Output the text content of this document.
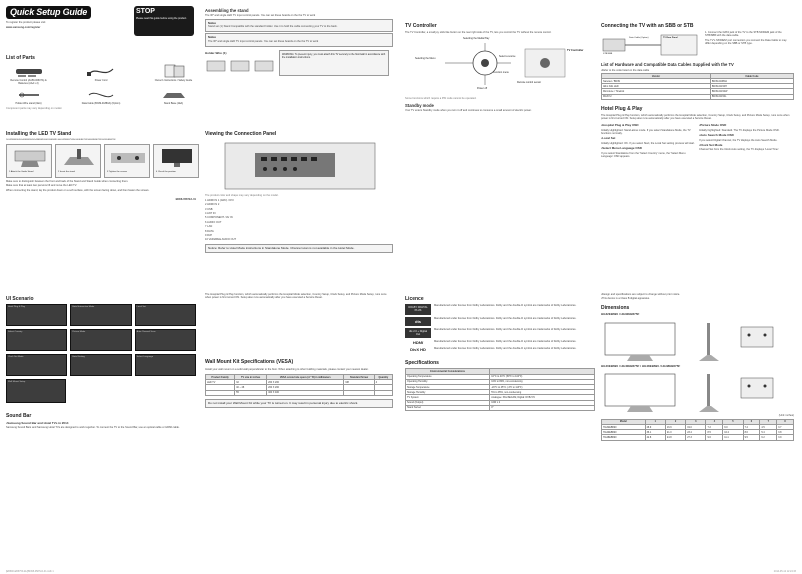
Quick Setup Guide
To register the product please visit
www.samsung.com/register
STOP
Please read this guide before using the product.
List of Parts
Remote Control (AA59-00607A) & Batteries (AAA x 2)
Power Cord	Owner's Instructions / Safety Guide
Holder-Wire stand (1EA)	Data Cable (BN39-01880A) (Option)	Stand Base (1EA)
Component parts may vary depending on model.
Installing the LED TV Stand
'HG32EB690/HG40EB690/HG48EB690/HG55EB690 &HG32EB675F/HG40EB675F/HG48EB675F/HG55EB675F
1 Attach the Guide Stand	2 Insert the stand	3 Tighten the screws	4 Check the position
Make sure to distinguish between the front and back of the Stand and Stand Guide when connecting them.
Make sure that at least two persons lift and move the LED TV.
When connecting the stand, lay the product down on a soft surface, with the screen facing down, and then fasten the screws.
BN68-05872A-01
Assembling the stand
The IR* and single LED TV input control panels. You can set these boards on the the TV to work
Notice
Stand set (1) Stand Compatible with the standard holder. Use it to hold the cable connecting your TV to the back.
Notice
The IR* and single LED TV input control panels. You can set these boards on the the TV to work
Holder-Wire (1)	WARNING: To prevent injury, you must attach this TV securely to the floor/wall in accordance with the installation instructions.
Viewing the Connection Panel
The product color and shape may vary depending on the model.
1 HDMI IN 1 (ARC) / DVI
2 HDMI IN 2
3 USB
4 ANT IN
5 COMPONENT / AV IN
6 AUDIO OUT
7 LAN
8 DATA
9 RJP
10 VARIABLE AUDIO OUT
Notice: Refer to Hotel Mode instructions in Standalone Mode. Channel scan is not available in the Hotel Mode.
TV Controller
The TV Controller, a small joy stick like button on the rear right side of the TV, lets you control the TV without the remote control.
Selecting the Media Play
Selecting the Menu
Select a source
Function menu
Power off
Remote control sensor
TV Controller
Some functions which require a PIN code cannot be operated.
Standby mode
Your TV enters Standby mode when you turn it off and continues to consume a small amount of electric power.
Connecting the TV with an SBB or STB
STB/SBB
Data Cable (Option)	TV Rear Panel
1. Connect the DATA jack of the TV to the STB MODEM jack of the STB/SBB with the data cable.
The TV's 'MODEM' port connection you connect the Data Cable to may differ depending on the SBB or STB type.
List of Hardware and Compatible Data Cables Supplied with the TV
• Refer to the code listed on the data cable
Vendor	Cable Code
Nanotec / BN39	BN39-01880A
Allin/ Allin LED	BN39-01154H
Microtune / Timelink	BN39-01154W
MAXVU	BN39-01154L
Hotel Plug & Play
The Hospital Plug & Play function, which automatically performs the Hospital Mode selection, Country Setup, Clock Setup, and Picture Mode Setup, runs once when power is first turned ON. Setup also runs automatically after you have executed a Service Reset.
• Hospital Plug & Play OSD
Initially Highlighted: Stand-alone mode. If you select Standalone Mode, the TV functions normally.
• Local Set
Initially Highlighted: OK. If you select Start, the Local Set setting process will start.
• Select Menu Language OSD
If you select Standalone from the 'Select Country' menu, the 'Select Menu Language' OSD appears.
• Picture Mode OSD
Initially highlighted: Standard. The TV displays the Picture Mode OSD.
• Auto Search Mode OSD
If you select Digital Channel, the TV displays the Auto Search Mode.
• Clock Set Mode
Channel Set from the Clock Auto setting, the TV displays 'Local Time'.
UI Scenario
Hotel Plug & Play	Hotel Interactive Mode	Local Set
Select Country	Picture Mode	Auto Channel Scan
Clock Set Mode	Hotel Setting	Select Language
Wall Mount Setup
Sound Bar
• Samsung Sound Bar and Hotel TVs in 2014
Samsung Sound Bars and Samsung Hotel TVs are designed to work together. To connect the TV to the Sound Bar, use an optical cable or HDMI cable.
The Hospital Plug & Play function, which automatically performs the Hospital Mode selection, Country Setup, Clock Setup, and Picture Mode Setup, runs once when power is first turned ON. Setup also runs automatically after you have executed a Service Reset.
Wall Mount Kit Specifications (VESA)
Install your wall mount on a solid wall perpendicular to the floor. When attaching to other building materials, please contact your nearest dealer.
Product Family	TV size in inches	VESA screw hole specs (A * B) in millimeters	Standard Screw	Quantity
LED TV	32	200 X 200	M8	4
	40 ~ 48	200 X 200		
	55	400 X 400		
Do not install your Wall Mount Kit while your TV is turned on. It may result in personal injury due to electric shock.
Licence
DOLBY DIGITAL PLUS
Manufactured under license from Dolby Laboratories. Dolby and the double-D symbol are trademarks of Dolby Laboratories.
dts
Manufactured under license from Dolby Laboratories. Dolby and the double-D symbol are trademarks of Dolby Laboratories.
dts 2.0 + Digital Out
Manufactured under license from Dolby Laboratories. Dolby and the double-D symbol are trademarks of Dolby Laboratories.
HDMI	Manufactured under license from Dolby Laboratories. Dolby and the double-D symbol are trademarks of Dolby Laboratories.
DivX HD	Manufactured under license from Dolby Laboratories. Dolby and the double-D symbol are trademarks of Dolby Laboratories.
Specifications
Environmental Considerations	
Operating Temperature	10°C to 40°C (50°F to 104°F)
Operating Humidity	10% to 80%, non-condensing
Storage Temperature	-20°C to 45°C (-4°F to 113°F)
Storage Humidity	5% to 95%, non-condensing
TV System	Analogue: PAL/SECAM, Digital: DVB-T/C
Sound (Output)	10W x 2
Stand Swivel	0°
• Design and specifications are subject to change without prior notice.
• This device is a Class B digital apparatus.
Dimensions
HG32EB690 / HG32EB675F
HG40EB690 / HG40EB675F / HG48EB690 / HG48EB675F
(Unit: inches)
Model	1	2	3	4	5	6	7	8
HG32EB690	28.9	16.9	19.0	7.2	9.0	7.4	4.5	3.7
HG40EB690	36.1	21.0	23.4	8.5	10.2	8.6	5.4	3.8
HG48EB690	42.8	24.8	27.3	9.6	11.1	9.5	6.2	3.9
[EB690-EB675F-EU]BN68-05872A-01.indb 1	2014-05-12 12:24:33
